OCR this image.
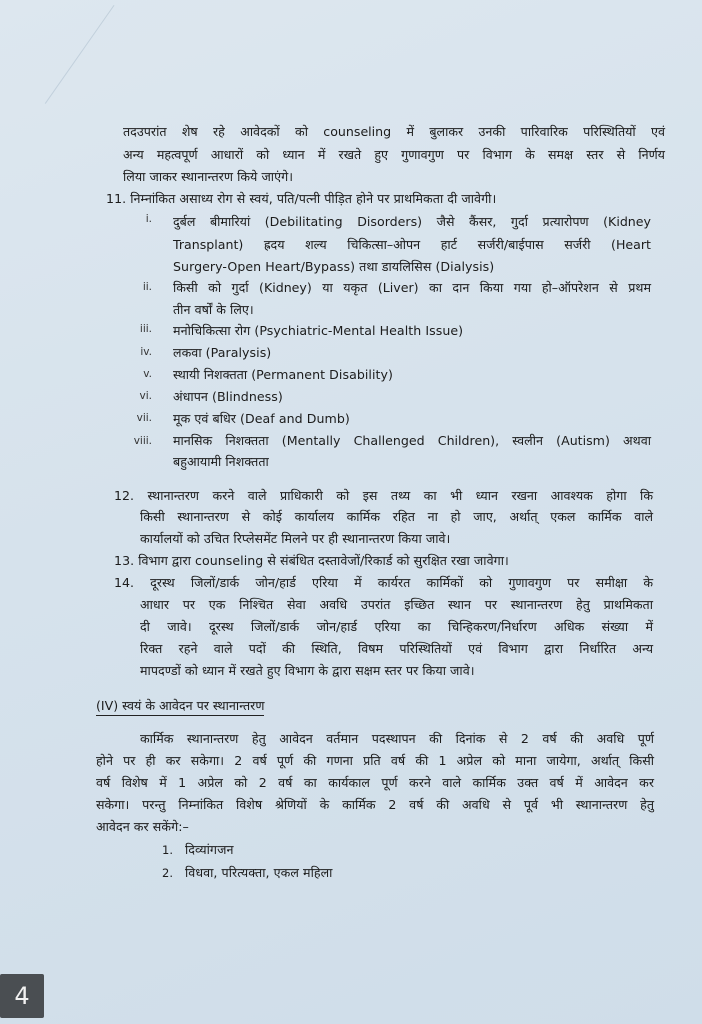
तदउपरांत शेष रहे आवेदकों को counseling में बुलाकर उनकी पारिवारिक परिस्थितियों एवं
अन्य महत्वपूर्ण आधारों को ध्यान में रखते हुए गुणावगुण पर विभाग के समक्ष स्तर से निर्णय
लिया जाकर स्थानान्तरण किये जाएंगे।
11. निम्नांकित असाध्य रोग से स्वयं, पति/पत्नी पीड़ित होने पर प्राथमिकता दी जावेगी।
i. दुर्बल बीमारियां (Debilitating Disorders) जैसे कैंसर, गुर्दा प्रत्यारोपण (Kidney
Transplant) ह्रदय शल्य चिकित्सा–ओपन हार्ट सर्जरी/बाईपास सर्जरी (Heart
Surgery-Open Heart/Bypass) तथा डायलिसिस (Dialysis)
ii. किसी को गुर्दा (Kidney) या यकृत (Liver) का दान किया गया हो–ऑपरेशन से प्रथम
तीन वर्षों के लिए।
iii. मनोचिकित्सा रोग (Psychiatric-Mental Health Issue)
iv. लकवा (Paralysis)
v. स्थायी निशक्तता (Permanent Disability)
vi. अंधापन (Blindness)
vii. मूक एवं बधिर (Deaf and Dumb)
viii. मानसिक निशक्तता (Mentally Challenged Children), स्वलीन (Autism) अथवा
बहुआयामी निशक्तता
12. स्थानान्तरण करने वाले प्राधिकारी को इस तथ्य का भी ध्यान रखना आवश्यक होगा कि
किसी स्थानान्तरण से कोई कार्यालय कार्मिक रहित ना हो जाए, अर्थात् एकल कार्मिक वाले
कार्यालयों को उचित रिप्लेसमेंट मिलने पर ही स्थानान्तरण किया जावे।
13. विभाग द्वारा counseling से संबंधित दस्तावेजों/रिकार्ड को सुरक्षित रखा जावेगा।
14. दूरस्थ जिलों/डार्क जोन/हार्ड एरिया में कार्यरत कार्मिकों को गुणावगुण पर समीक्षा के
आधार पर एक निश्चित सेवा अवधि उपरांत इच्छित स्थान पर स्थानान्तरण हेतु प्राथमिकता
दी जावे। दूरस्थ जिलों/डार्क जोन/हार्ड एरिया का चिन्हिकरण/निर्धारण अधिक संख्या में
रिक्त रहने वाले पदों की स्थिति, विषम परिस्थितियों एवं विभाग द्वारा निर्धारित अन्य
मापदण्डों को ध्यान में रखते हुए विभाग के द्वारा सक्षम स्तर पर किया जावे।
(IV) स्वयं के आवेदन पर स्थानान्तरण
कार्मिक स्थानान्तरण हेतु आवेदन वर्तमान पदस्थापन की दिनांक से 2 वर्ष की अवधि पूर्ण
होने पर ही कर सकेगा। 2 वर्ष पूर्ण की गणना प्रति वर्ष की 1 अप्रेल को माना जायेगा, अर्थात् किसी
वर्ष विशेष में 1 अप्रेल को 2 वर्ष का कार्यकाल पूर्ण करने वाले कार्मिक उक्त वर्ष में आवेदन कर
सकेगा। परन्तु निम्नांकित विशेष श्रेणियों के कार्मिक 2 वर्ष की अवधि से पूर्व भी स्थानान्तरण हेतु
आवेदन कर सकेंगे:–
1. दिव्यांगजन
2. विधवा, परित्यक्ता, एकल महिला
4
